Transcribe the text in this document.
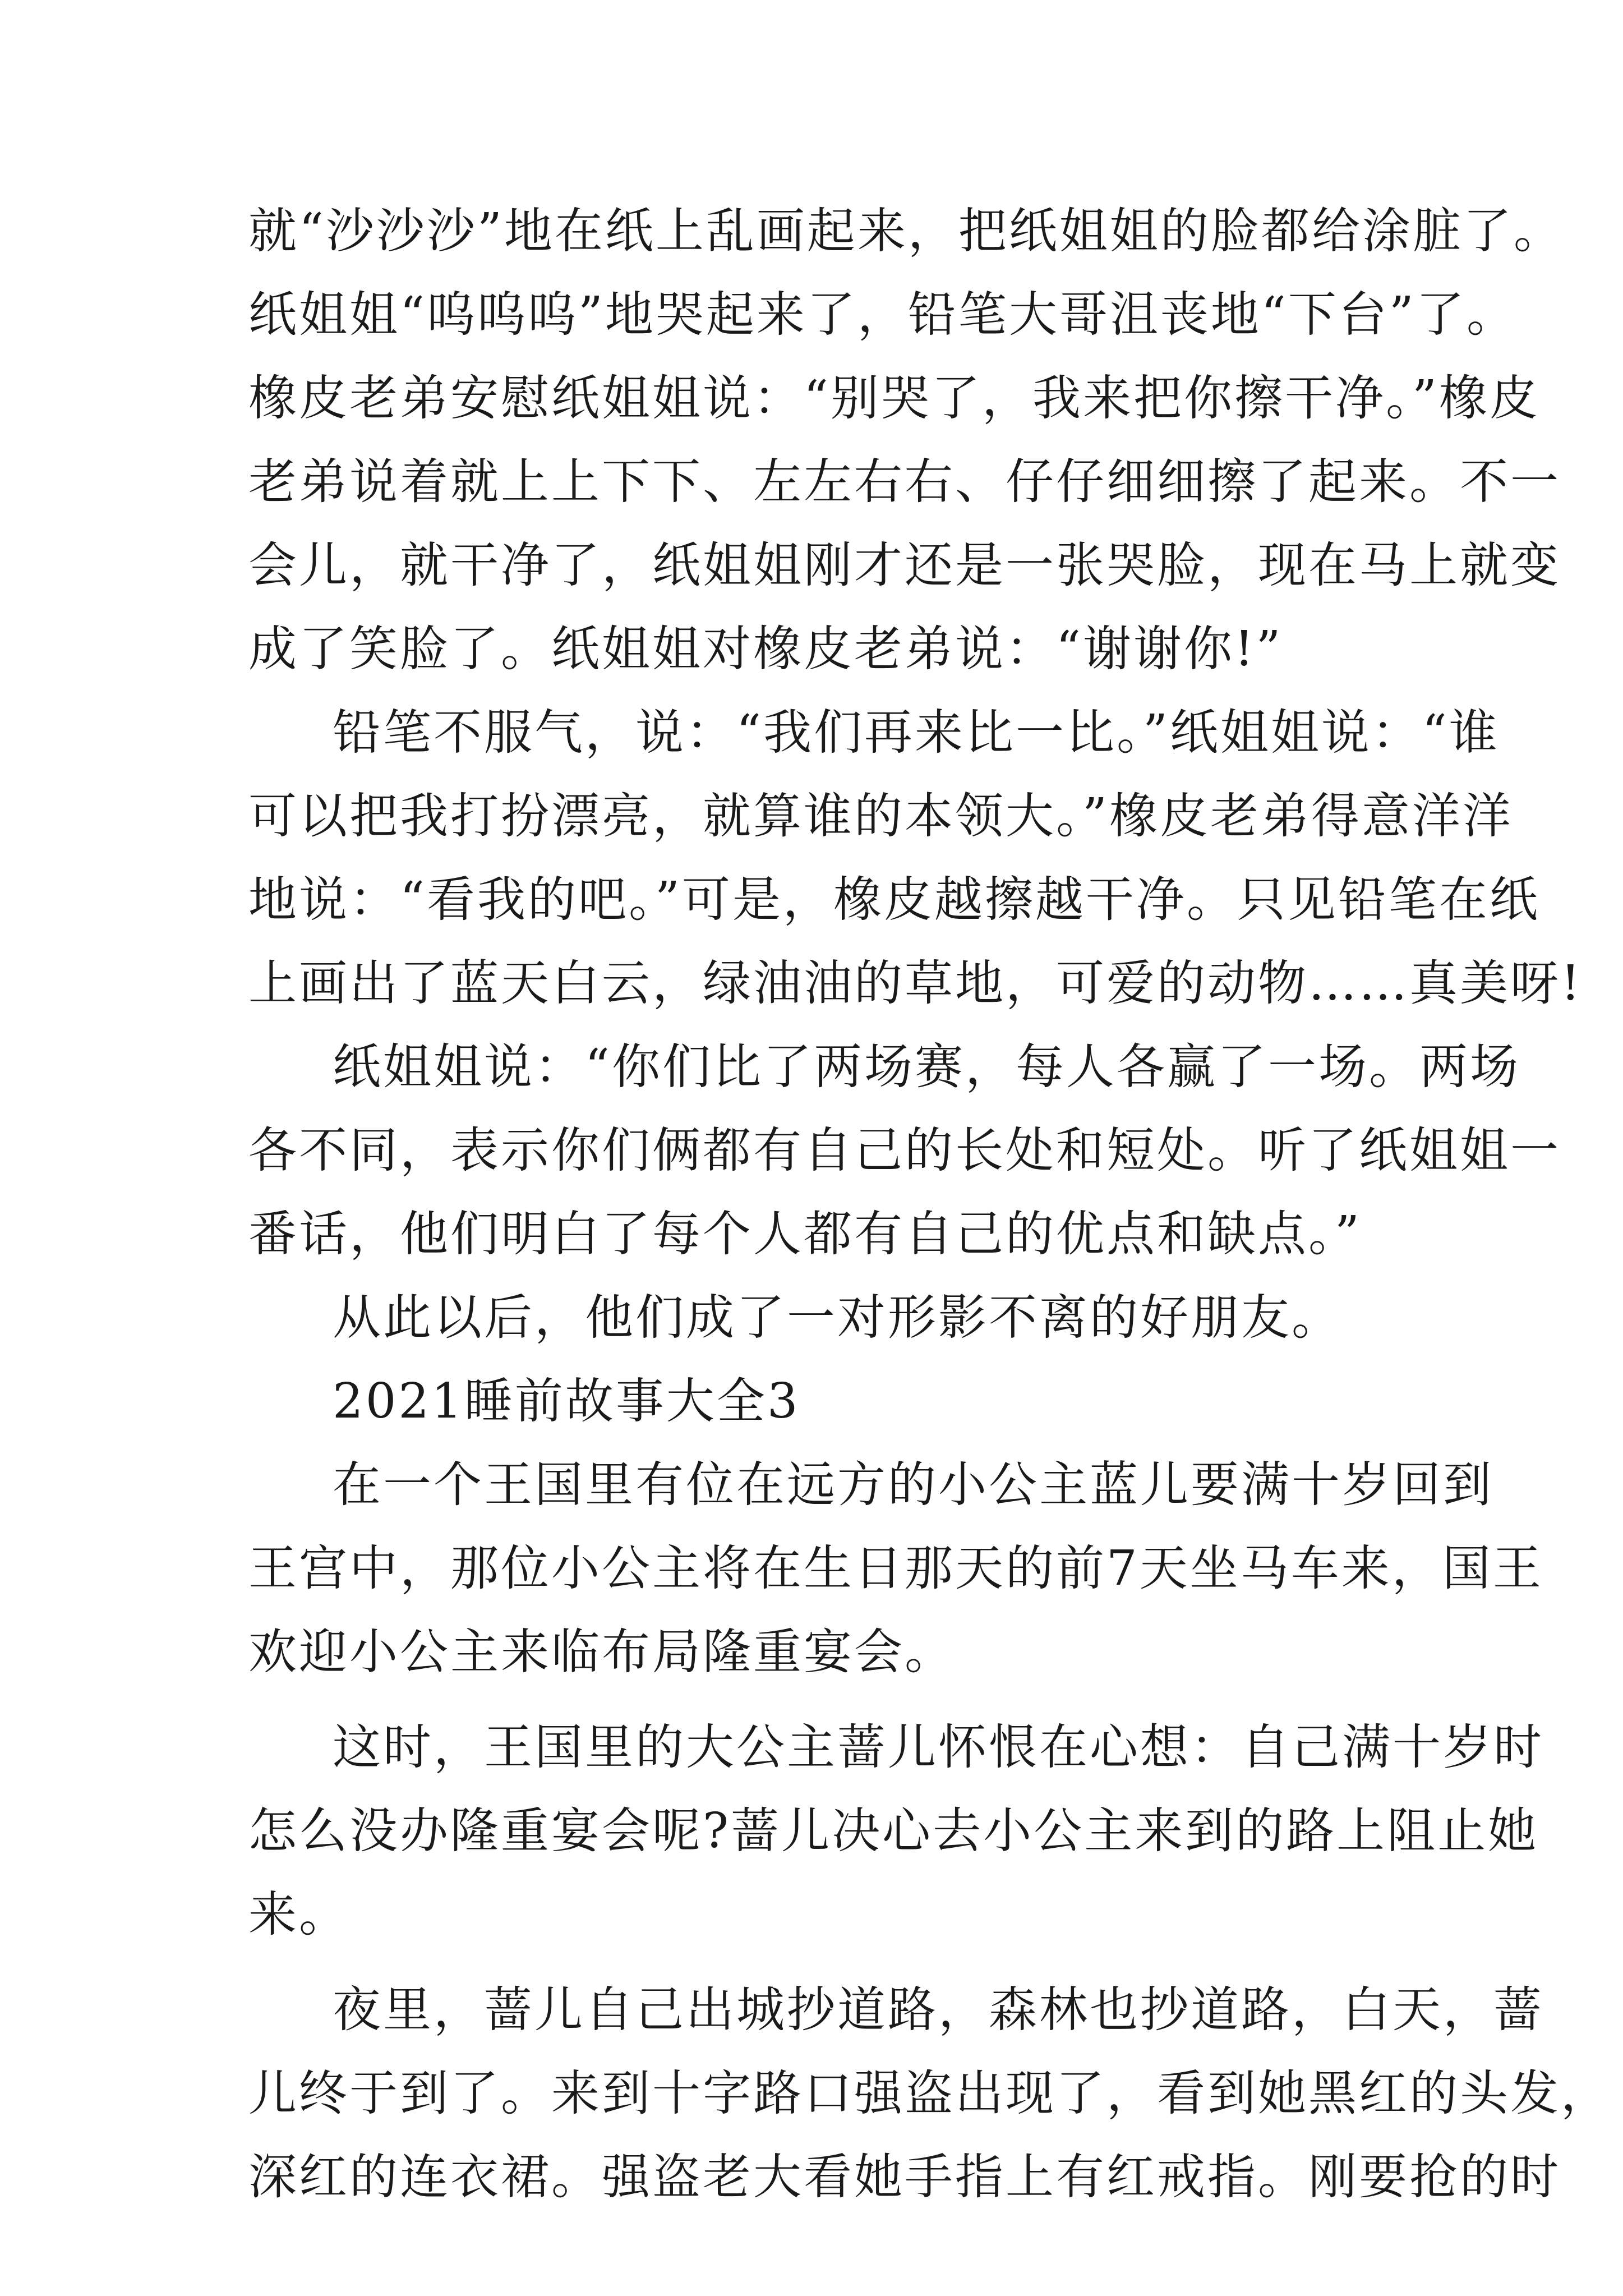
就“沙沙沙”地在纸上乱画起来，把纸姐姐的脸都给涂脏了。
纸姐姐“呜呜呜”地哭起来了，铅笔大哥沮丧地“下台”了。
橡皮老弟安慰纸姐姐说：“别哭了，我来把你擦干净。”橡皮
老弟说着就上上下下、左左右右、仔仔细细擦了起来。不一
会儿，就干净了，纸姐姐刚才还是一张哭脸，现在马上就变
成了笑脸了。纸姐姐对橡皮老弟说：“谢谢你!”
铅笔不服气，说：“我们再来比一比。”纸姐姐说：“谁
可以把我打扮漂亮，就算谁的本领大。”橡皮老弟得意洋洋
地说：“看我的吧。”可是，橡皮越擦越干净。只见铅笔在纸
上画出了蓝天白云，绿油油的草地，可爱的动物……真美呀!
纸姐姐说：“你们比了两场赛，每人各赢了一场。两场
各不同，表示你们俩都有自己的长处和短处。听了纸姐姐一
番话，他们明白了每个人都有自己的优点和缺点。”
从此以后，他们成了一对形影不离的好朋友。
2021睡前故事大全3
在一个王国里有位在远方的小公主蓝儿要满十岁回到
王宫中，那位小公主将在生日那天的前7天坐马车来，国王
欢迎小公主来临布局隆重宴会。
这时，王国里的大公主蔷儿怀恨在心想：自己满十岁时
怎么没办隆重宴会呢?蔷儿决心去小公主来到的路上阻止她
来。
夜里，蔷儿自己出城抄道路，森林也抄道路，白天，蔷
儿终于到了。来到十字路口强盗出现了，看到她黑红的头发，
深红的连衣裙。强盗老大看她手指上有红戒指。刚要抢的时
